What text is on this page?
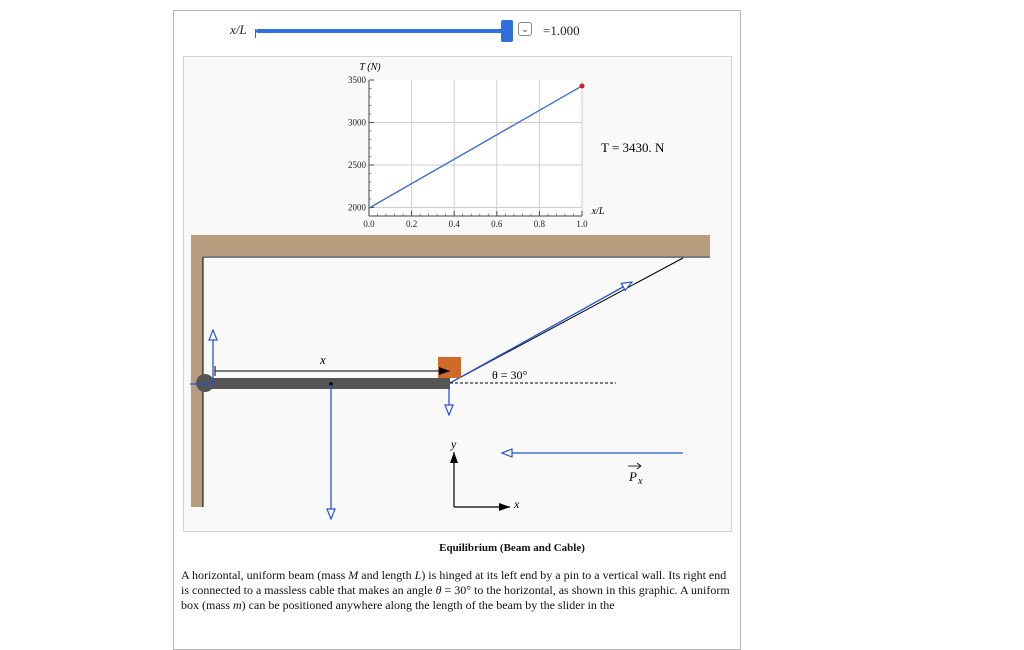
x/L	⌄ =1.000
0.0	0.2	0.4	0.6	0.8	1.0
2000
2500
3000
3500
T (N)
x/L
T = 3430. N
θ = 30°
x
P x
y
x
Equilibrium (Beam and Cable)
A horizontal, uniform beam (mass M and length L) is hinged at its left end by a pin to a vertical wall. Its right end is connected to a massless cable that makes an angle θ = 30° to the horizontal, as shown in this graphic. A uniform box (mass m) can be positioned anywhere along the length of the beam by the slider in the
